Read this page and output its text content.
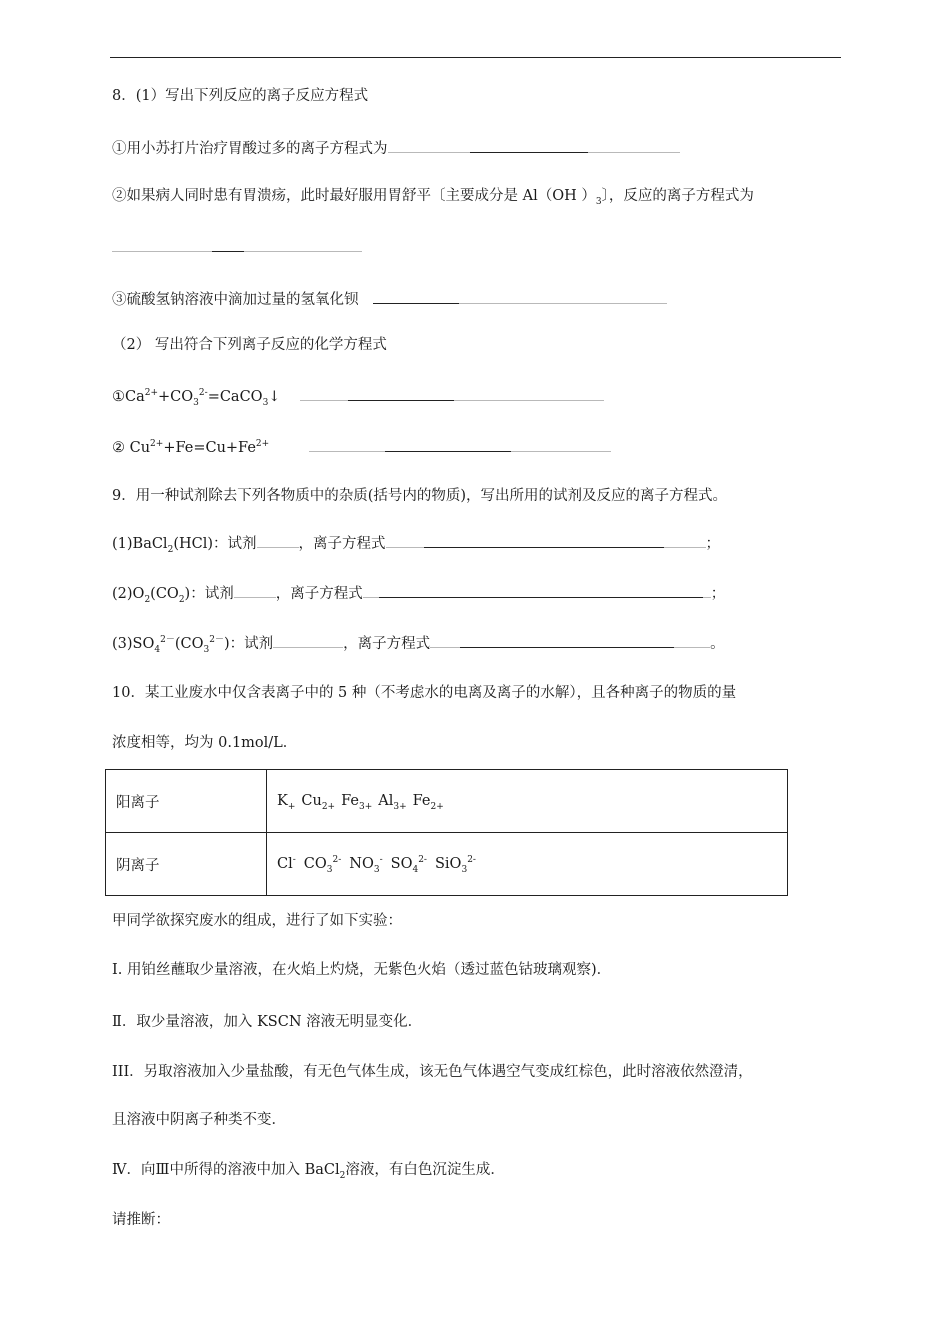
8．(1）写出下列反应的离子反应方程式
①用小苏打片治疗胃酸过多的离子方程式为
②如果病人同时患有胃溃疡，此时最好服用胃舒平〔主要成分是 Al（OH ）$_3$〕，反应的离子方程式为
③硫酸氢钠溶液中滴加过量的氢氧化钡
（2） 写出符合下列离子反应的化学方程式
$①Ca^{2+}+CO_3^{2-}=CaCO_3↓$
② $Cu^{2+}+Fe=Cu+Fe^{2+}$
9．用一种试剂除去下列各物质中的杂质(括号内的物质)，写出所用的试剂及反应的离子方程式。
(1)BaCl$_2$(HCl)：试剂	，离子方程式	；
$(2)O_2(CO_2)$：试剂	，离子方程式	；
$(3)SO_4^{2-}(CO_3^{2-})$：试剂	，离子方程式	。
10．某工业废水中仅含表离子中的 5 种（不考虑水的电离及离子的水解），且各种离子的物质的量
浓度相等，均为 0.1mol/L．
阳离子	$K_+$ $Cu_{2+}$ $Fe_{3+}$ $Al_{3+}$ $Fe_{2+}$
阴离子	Cl- $CO_3^{2-}$ $NO_3^-$ $SO_4^{2-}$ SiO$_3^{2-}$
甲同学欲探究废水的组成，进行了如下实验：
I. 用铂丝蘸取少量溶液，在火焰上灼烧，无紫色火焰（透过蓝色钴玻璃观察)．
Ⅱ．取少量溶液，加入 KSCN 溶液无明显变化．
III．另取溶液加入少量盐酸，有无色气体生成，该无色气体遇空气变成红棕色，此时溶液依然澄清，
且溶液中阴离子种类不变．
Ⅳ．向Ⅲ中所得的溶液中加入 BaCl$_2$溶液，有白色沉淀生成．
请推断：
